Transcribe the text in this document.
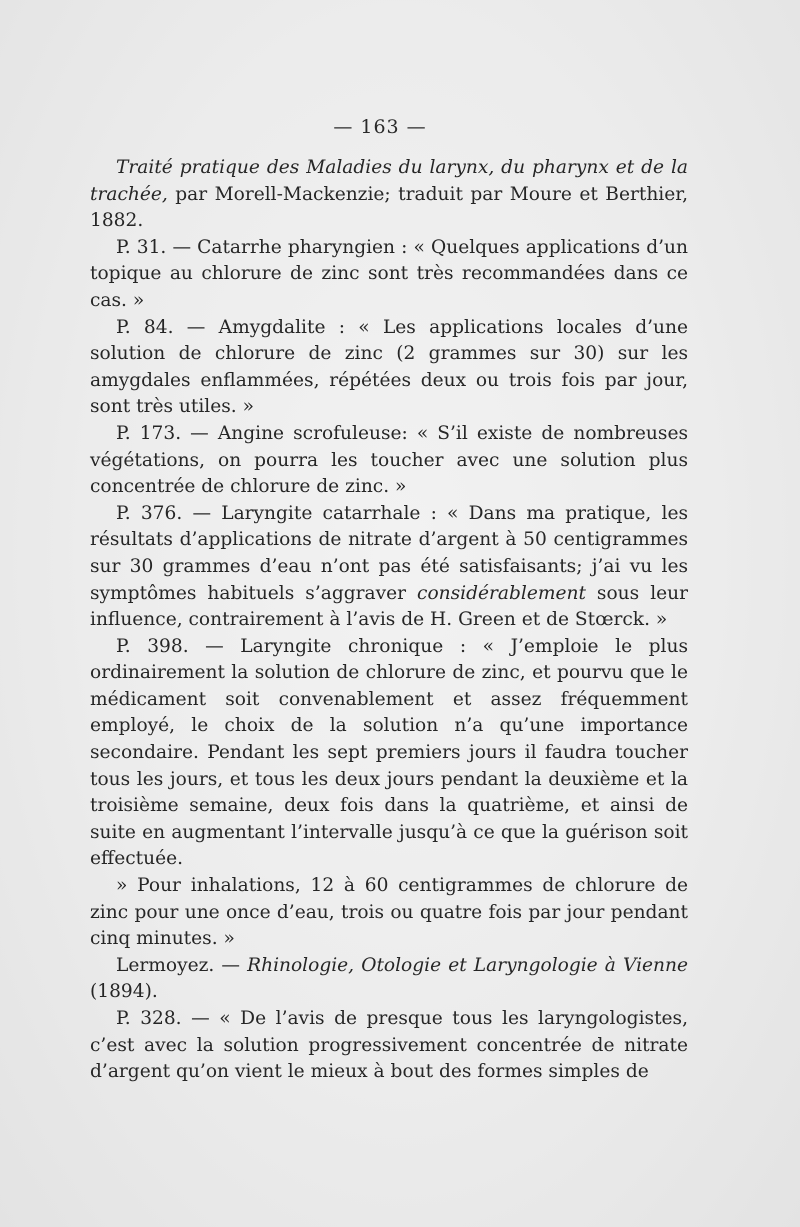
— 163 —

Traité pratique des Maladies du larynx, du pharynx et de la trachée, par Morell-Mackenzie; traduit par Moure et Berthier, 1882.

P. 31. — Catarrhe pharyngien : « Quelques applications d’un topique au chlorure de zinc sont très recommandées dans ce cas. »

P. 84. — Amygdalite : « Les applications locales d’une solution de chlorure de zinc (2 grammes sur 30) sur les amygdales enflammées, répétées deux ou trois fois par jour, sont très utiles. »

P. 173. — Angine scrofuleuse: « S’il existe de nombreuses végétations, on pourra les toucher avec une solution plus concentrée de chlorure de zinc. »

P. 376. — Laryngite catarrhale : « Dans ma pratique, les résultats d’applications de nitrate d’argent à 50 centigrammes sur 30 grammes d’eau n’ont pas été satisfaisants; j’ai vu les symptômes habituels s’aggraver considérablement sous leur influence, contrairement à l’avis de H. Green et de Stœrck. »

P. 398. — Laryngite chronique : « J’emploie le plus ordinairement la solution de chlorure de zinc, et pourvu que le médicament soit convenablement et assez fréquemment employé, le choix de la solution n’a qu’une importance secondaire. Pendant les sept premiers jours il faudra toucher tous les jours, et tous les deux jours pendant la deuxième et la troisième semaine, deux fois dans la quatrième, et ainsi de suite en augmentant l’intervalle jusqu’à ce que la guérison soit effectuée.

» Pour inhalations, 12 à 60 centigrammes de chlorure de zinc pour une once d’eau, trois ou quatre fois par jour pendant cinq minutes. »

Lermoyez. — Rhinologie, Otologie et Laryngologie à Vienne (1894).

P. 328. — « De l’avis de presque tous les laryngologistes, c’est avec la solution progressivement concentrée de nitrate d’argent qu’on vient le mieux à bout des formes simples de
